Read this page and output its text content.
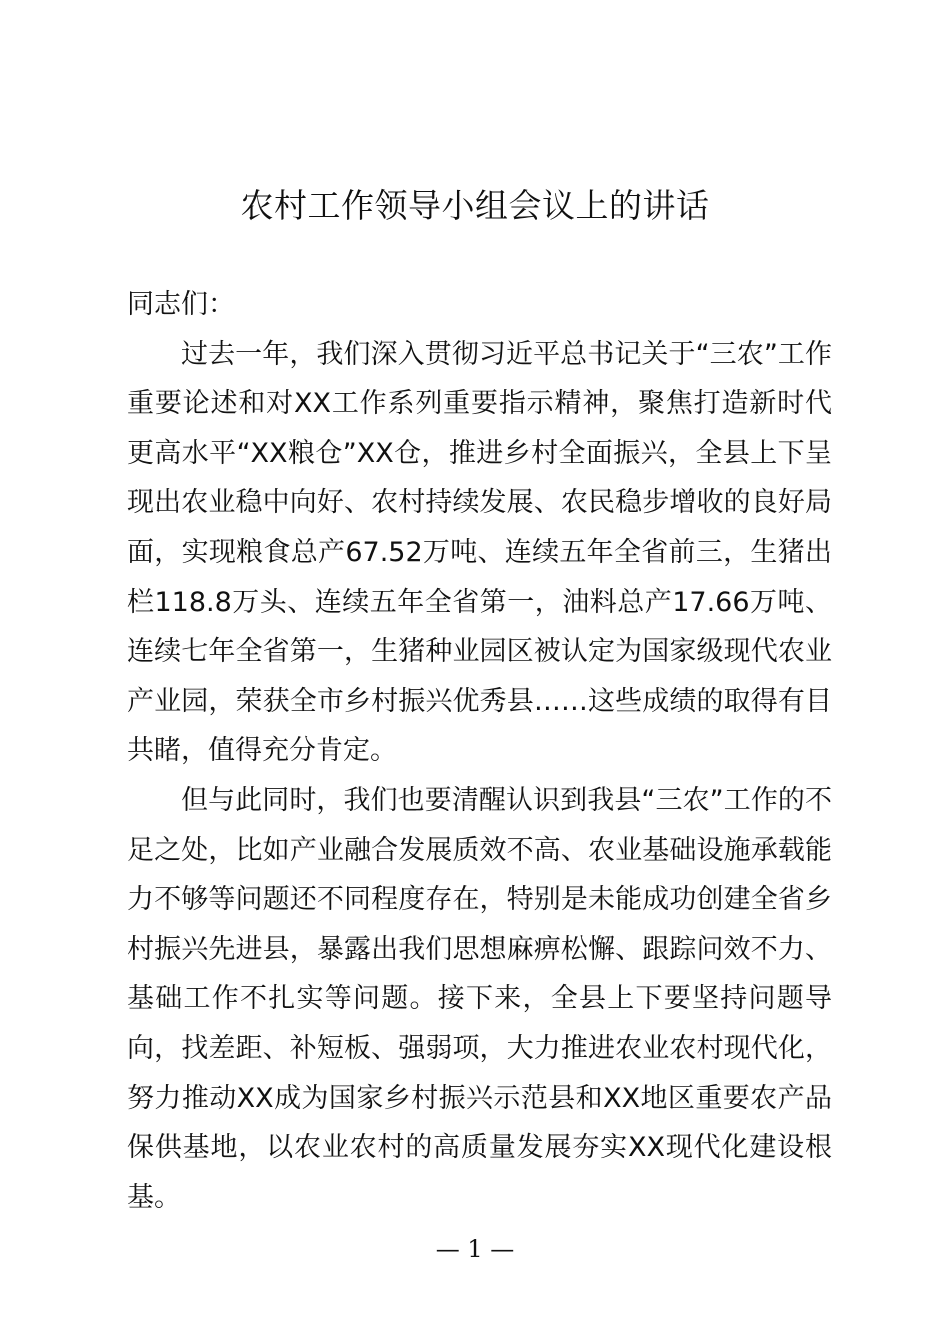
农村工作领导小组会议上的讲话

同志们：

过去一年，我们深入贯彻习近平总书记关于“三农”工作重要论述和对XX工作系列重要指示精神，聚焦打造新时代更高水平“XX粮仓”XX仓，推进乡村全面振兴，全县上下呈现出农业稳中向好、农村持续发展、农民稳步增收的良好局面，实现粮食总产67.52万吨、连续五年全省前三，生猪出栏118.8万头、连续五年全省第一，油料总产17.66万吨、连续七年全省第一，生猪种业园区被认定为国家级现代农业产业园，荣获全市乡村振兴优秀县……这些成绩的取得有目共睹，值得充分肯定。

但与此同时，我们也要清醒认识到我县“三农”工作的不足之处，比如产业融合发展质效不高、农业基础设施承载能力不够等问题还不同程度存在，特别是未能成功创建全省乡村振兴先进县，暴露出我们思想麻痹松懈、跟踪问效不力、基础工作不扎实等问题。接下来，全县上下要坚持问题导向，找差距、补短板、强弱项，大力推进农业农村现代化，努力推动XX成为国家乡村振兴示范县和XX地区重要农产品保供基地，以农业农村的高质量发展夯实XX现代化建设根基。

— 1 —
